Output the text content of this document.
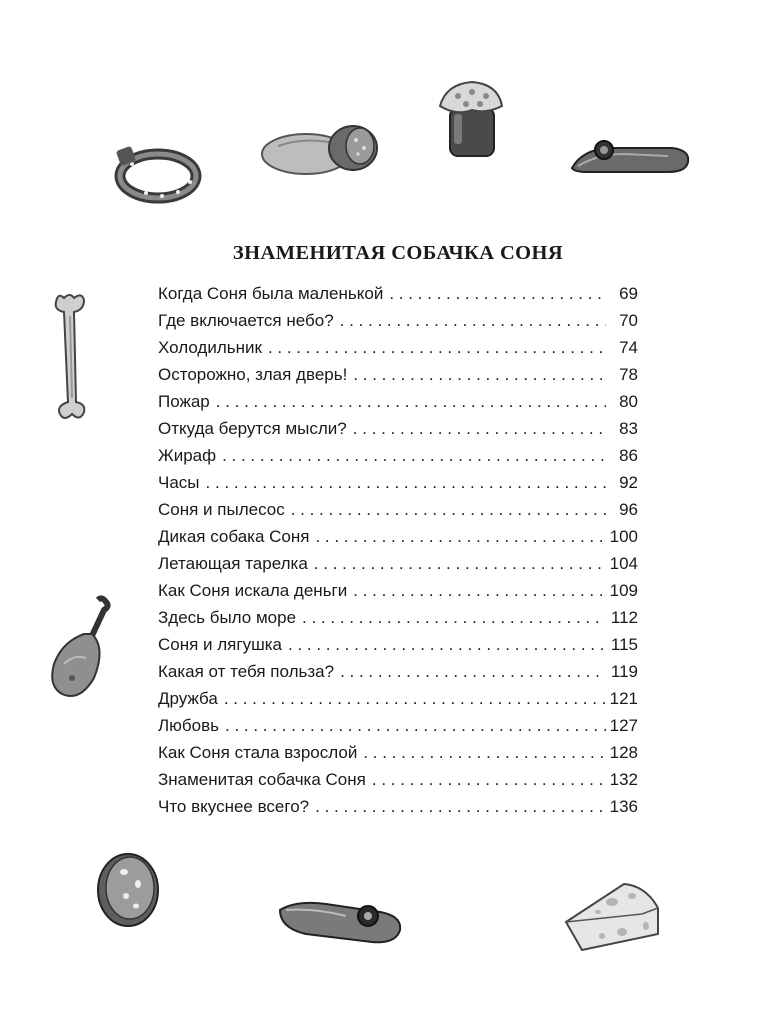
ЗНАМЕНИТАЯ СОБАЧКА СОНЯ
Когда Соня была маленькой . . .	69
Где включается небо? . . .	70
Холодильник . . .	74
Осторожно, злая дверь! . . .	78
Пожар . . .	80
Откуда берутся мысли? . . .	83
Жираф . . .	86
Часы . . .	92
Соня и пылесос . . .	96
Дикая собака Соня . . .	100
Летающая тарелка . . .	104
Как Соня искала деньги . . .	109
Здесь было море . . .	112
Соня и лягушка . . .	115
Какая от тебя польза? . . .	119
Дружба . . .	121
Любовь . . .	127
Как Соня стала взрослой . . .	128
Знаменитая собачка Соня . . .	132
Что вкуснее всего? . . .	136
